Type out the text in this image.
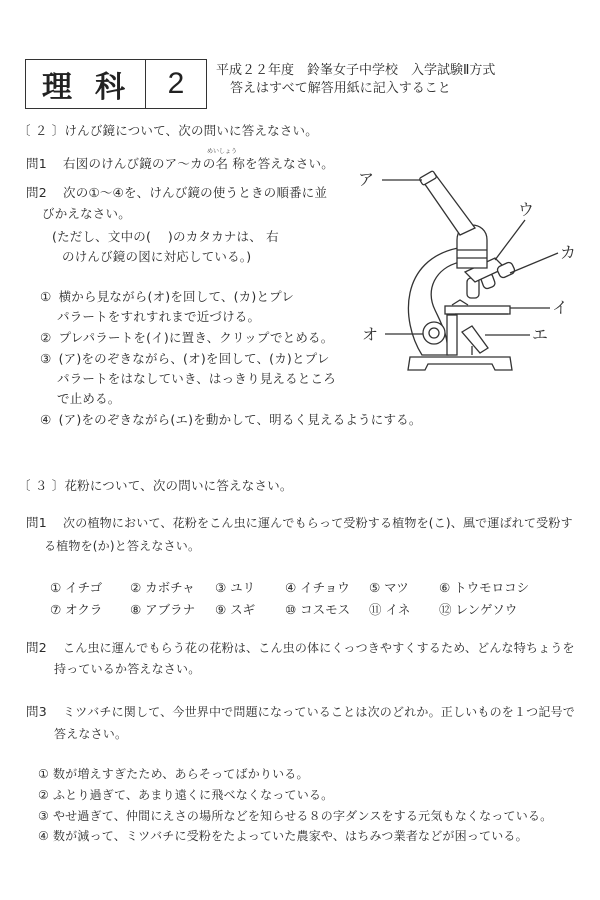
理 科	2	平成２２年度　鈴峯女子中学校　入学試験Ⅱ方式
答えはすべて解答用紙に記入すること
〔 ２ 〕けんび鏡について、次の問いに答えなさい。
めいしょう
問1 右図のけんび鏡のア～カの名 称を答えなさい。
問2 次の①～④を、けんび鏡の使うときの順番に並
びかえなさい。
(ただし、文中の(　 )のカタカナは、 右
のけんび鏡の図に対応している。)
① 横から見ながら(オ)を回して、(カ)とプレ
パラートをすれすれまで近づける。
② プレパラートを(イ)に置き、クリップでとめる。
③ (ア)をのぞきながら、(オ)を回して、(カ)とプレ
パラートをはなしていき、はっきり見えるところ
で止める。
④ (ア)をのぞきながら(エ)を動かして、明るく見えるようにする。
ア
ウ
カ
イ
エ
オ
〔 ３ 〕花粉について、次の問いに答えなさい。
問1 次の植物において、花粉をこん虫に運んでもらって受粉する植物を(こ)、風で運ばれて受粉す
る植物を(か)と答えなさい。
① イチゴ	② カボチャ	③ ユリ	④ イチョウ	⑤ マツ	⑥ トウモロコシ
⑦ オクラ	⑧ アブラナ	⑨ スギ	⑩ コスモス	⑪ イネ	⑫ レンゲソウ
問2 こん虫に運んでもらう花の花粉は、こん虫の体にくっつきやすくするため、どんな特ちょうを
持っているか答えなさい。
問3 ミツバチに関して、今世界中で問題になっていることは次のどれか。正しいものを１つ記号で
答えなさい。
① 数が増えすぎたため、あらそってばかりいる。
② ふとり過ぎて、あまり遠くに飛べなくなっている。
③ やせ過ぎて、仲間にえさの場所などを知らせる８の字ダンスをする元気もなくなっている。
④ 数が減って、ミツバチに受粉をたよっていた農家や、はちみつ業者などが困っている。
